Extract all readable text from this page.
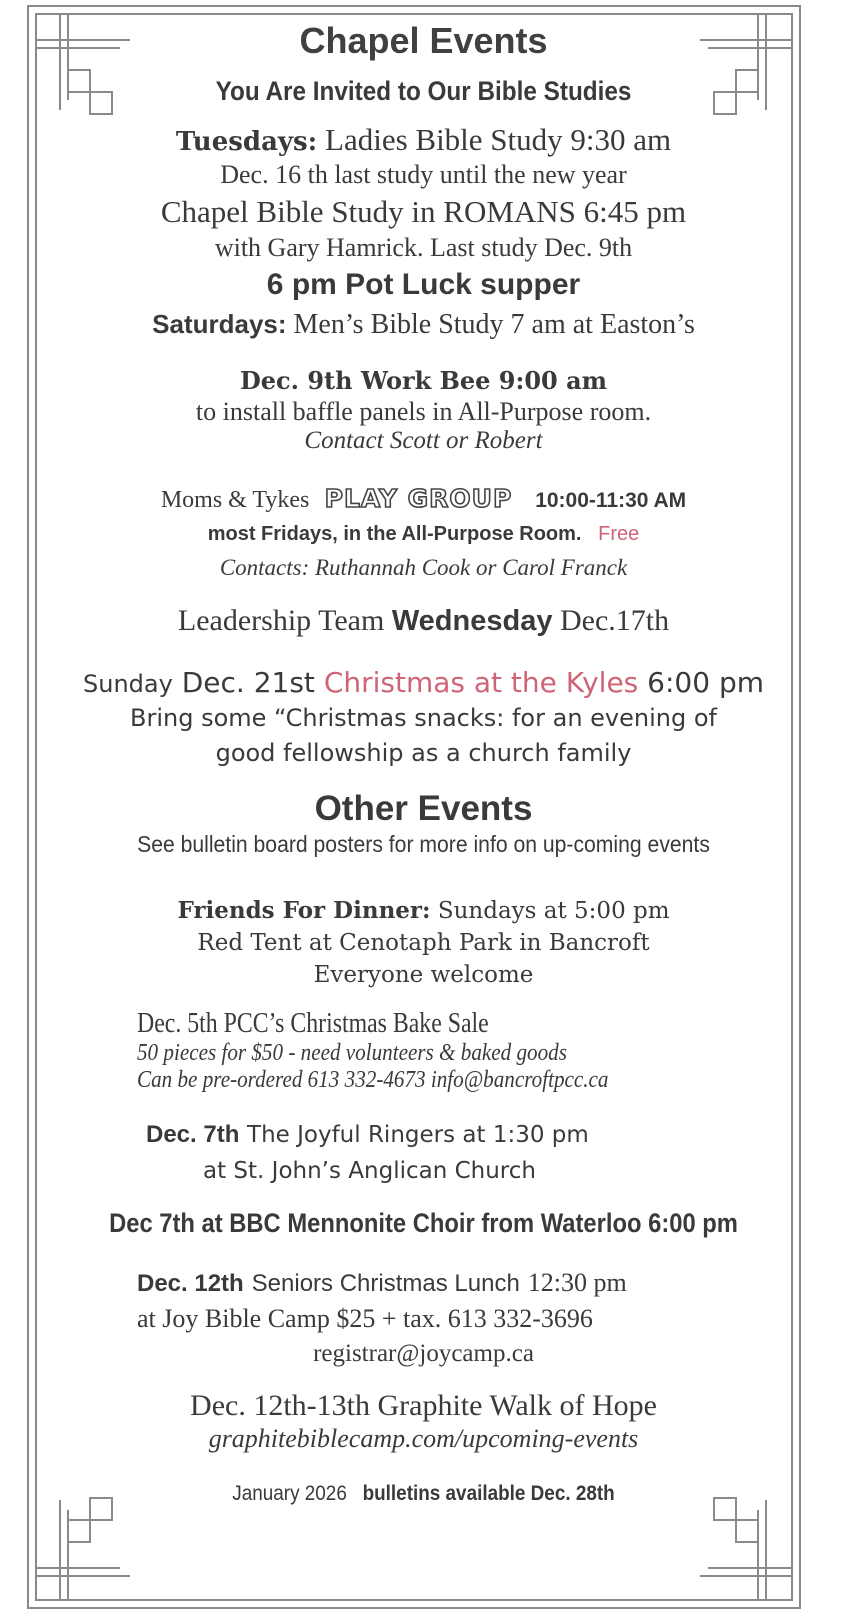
Chapel Events
You Are Invited to Our Bible Studies
Tuesdays: Ladies Bible Study 9:30 am
Dec. 16 th last study until the new year
Chapel Bible Study in ROMANS 6:45 pm
with Gary Hamrick. Last study Dec. 9th
6 pm Pot Luck supper
Saturdays: Men’s Bible Study 7 am at Easton’s
Dec. 9th Work Bee 9:00 am
to install baffle panels in All-Purpose room.
Contact Scott or Robert
Moms & Tykes PLAY GROUP 10:00-11:30 AM
most Fridays, in the All-Purpose Room. Free
Contacts: Ruthannah Cook or Carol Franck
Leadership Team Wednesday Dec.17th
Sunday Dec. 21st Christmas at the Kyles 6:00 pm
Bring some “Christmas snacks: for an evening of
good fellowship as a church family
Other Events
See bulletin board posters for more info on up-coming events
Friends For Dinner: Sundays at 5:00 pm
Red Tent at Cenotaph Park in Bancroft
Everyone welcome
Dec. 5th PCC’s Christmas Bake Sale
50 pieces for $50 - need volunteers & baked goods
Can be pre-ordered 613 332-4673 info@bancroftpcc.ca
Dec. 7th The Joyful Ringers at 1:30 pm
at St. John’s Anglican Church
Dec 7th at BBC Mennonite Choir from Waterloo 6:00 pm
Dec. 12th Seniors Christmas Lunch 12:30 pm
at Joy Bible Camp $25 + tax. 613 332-3696
registrar@joycamp.ca
Dec. 12th-13th Graphite Walk of Hope
graphitebiblecamp.com/upcoming-events
January 2026 bulletins available Dec. 28th
